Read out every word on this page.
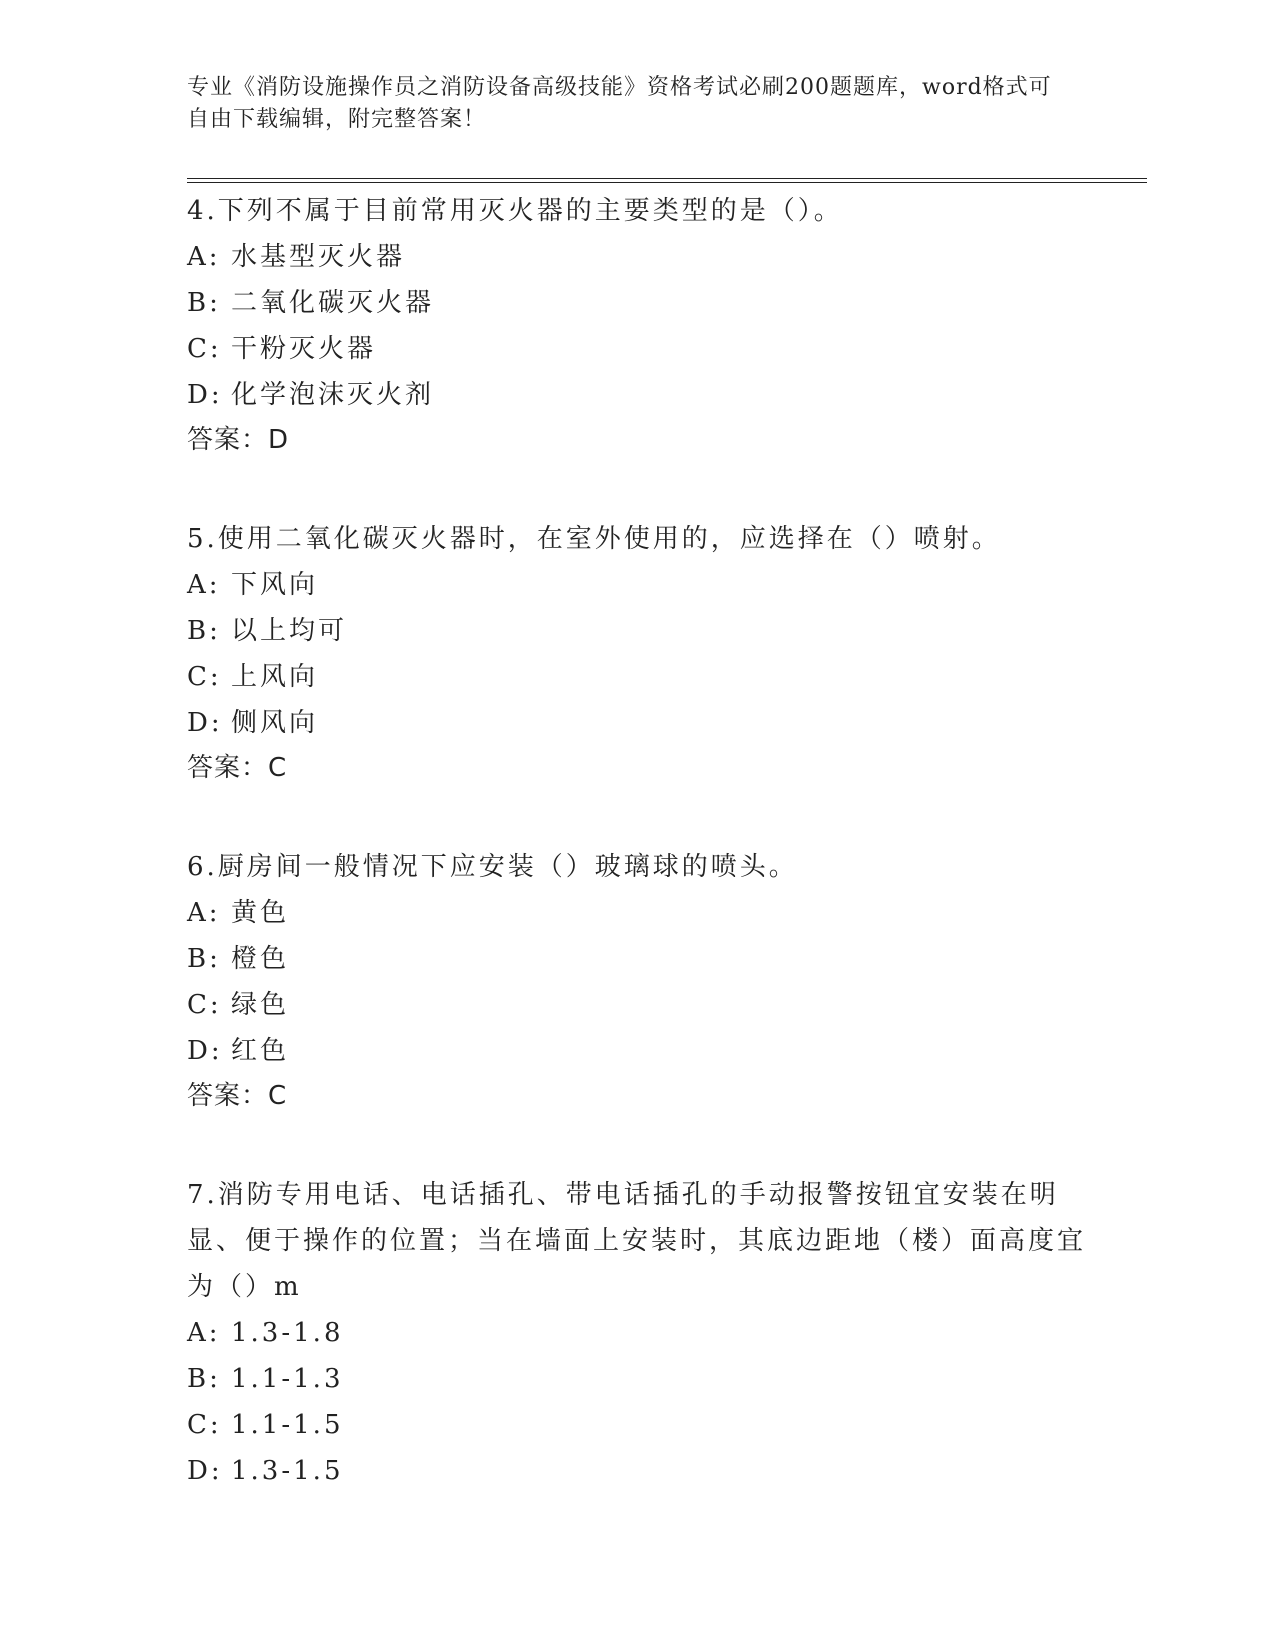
专业《消防设施操作员之消防设备高级技能》资格考试必刷200题题库，word格式可自由下载编辑，附完整答案！
4.下列不属于目前常用灭火器的主要类型的是（）。
A: 水基型灭火器
B: 二氧化碳灭火器
C: 干粉灭火器
D: 化学泡沫灭火剂
答案：D
5.使用二氧化碳灭火器时，在室外使用的，应选择在（）喷射。
A: 下风向
B: 以上均可
C: 上风向
D: 侧风向
答案：C
6.厨房间一般情况下应安装（）玻璃球的喷头。
A: 黄色
B: 橙色
C: 绿色
D: 红色
答案：C
7.消防专用电话、电话插孔、带电话插孔的手动报警按钮宜安装在明显、便于操作的位置；当在墙面上安装时，其底边距地（楼）面高度宜为（）m
A: 1.3-1.8
B: 1.1-1.3
C: 1.1-1.5
D: 1.3-1.5
